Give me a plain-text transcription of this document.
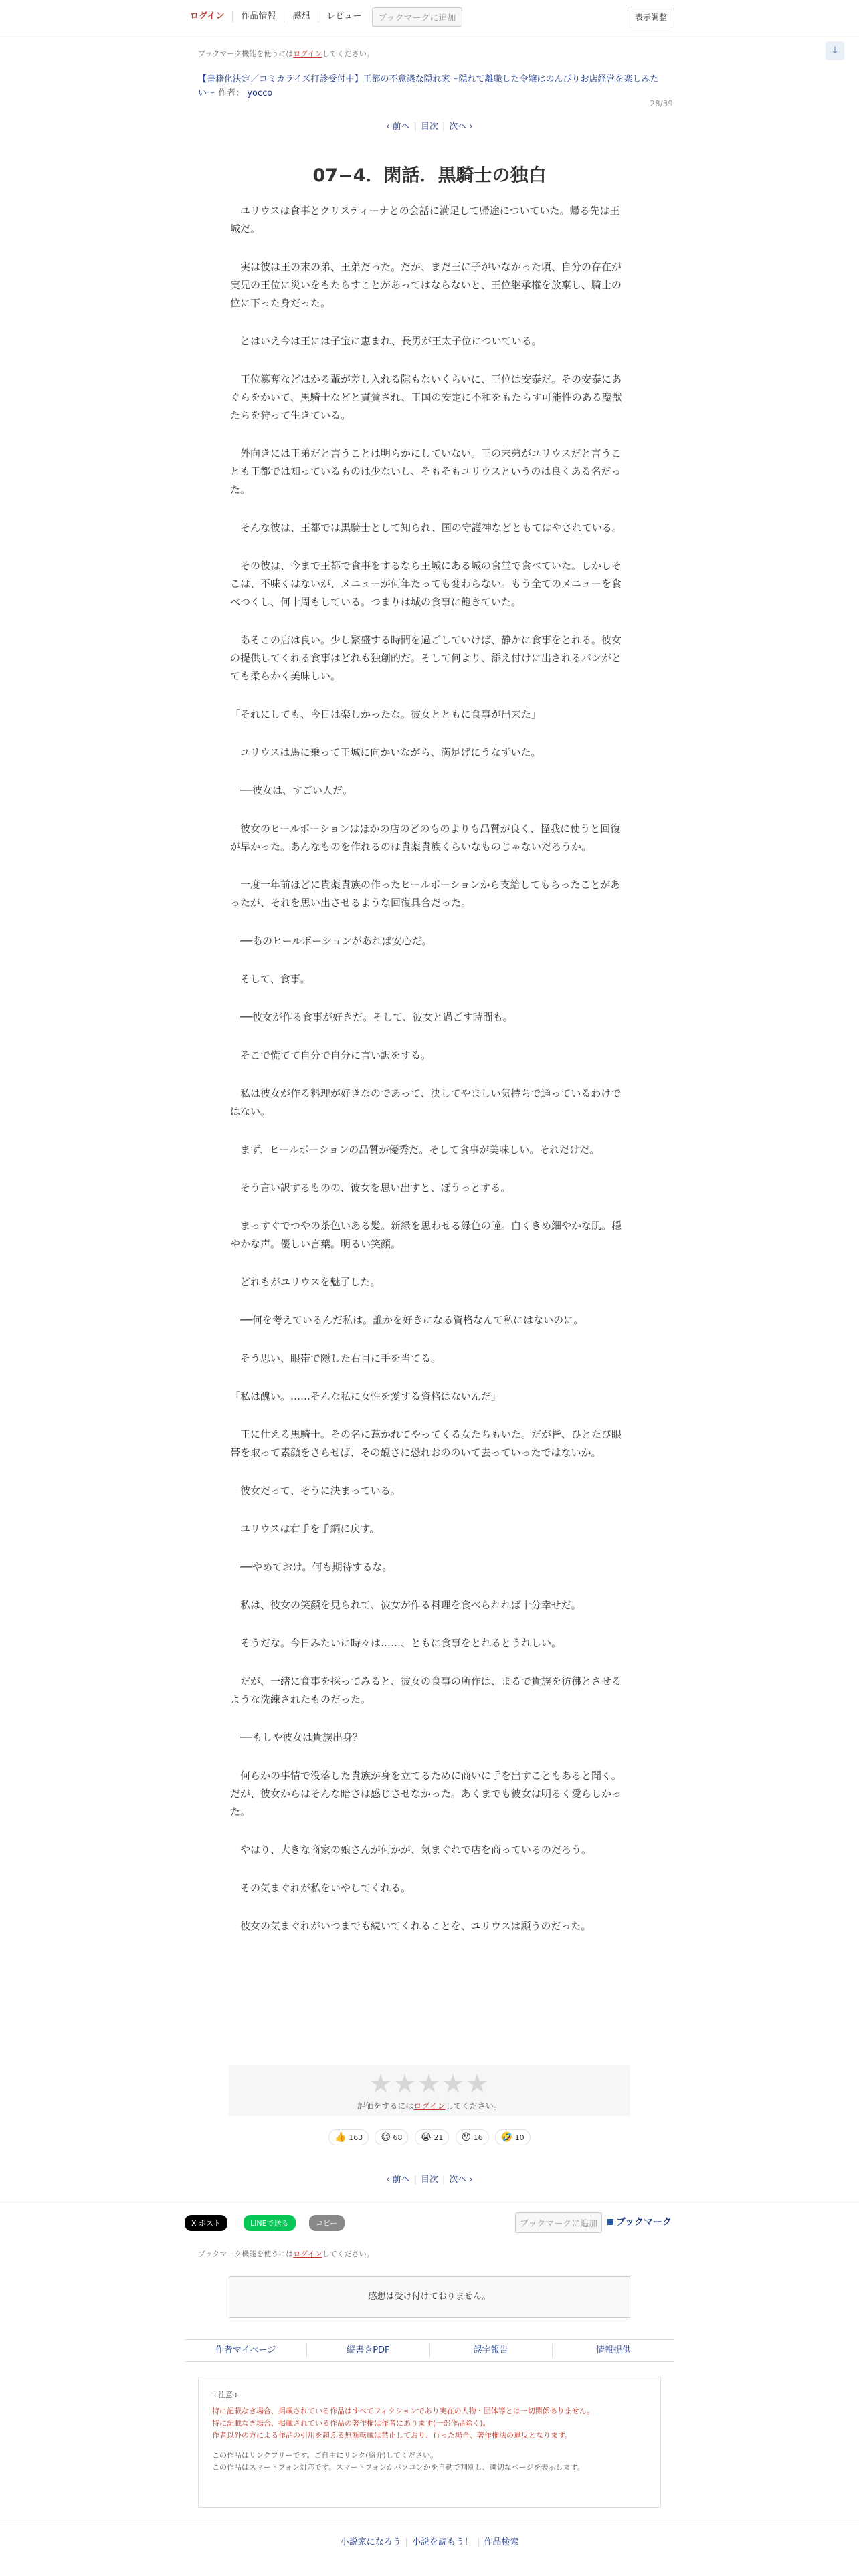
ログイン	作品情報	感想	レビュー	ブックマークに追加	表示調整
↓
ブックマーク機能を使うにはログインしてください。
【書籍化決定／コミカライズ打診受付中】王都の不意議な隠れ家〜隠れて離職した令嬢はのんびりお店経営を楽しみたい〜 作者： yocco
‹ 前へ | 目次 | 次へ ›
28/39
07−4．閑話．黒騎士の独白

ユリウスは食事とクリスティーナとの会話に満足して帰途についていた。帰る先は王城だ。

実は彼は王の末の弟、王弟だった。だが、まだ王に子がいなかった頃、自分の存在が実兄の王位に災いをもたらすことがあってはならないと、王位継承権を放棄し、騎士の位に下った身だった。

とはいえ今は王には子宝に恵まれ、長男が王太子位についている。

王位簒奪などはかる輩が差し入れる隙もないくらいに、王位は安泰だ。その安泰にあぐらをかいて、黒騎士などと貫賛され、王国の安定に不和をもたらす可能性のある魔獣たちを狩って生きている。

外向きには王弟だと言うことは明らかにしていない。王の末弟がユリウスだと言うことも王都では知っているものは少ないし、そもそもユリウスというのは良くある名だった。

そんな彼は、王都では黒騎士として知られ、国の守護神などともてはやされている。

その彼は、今まで王都で食事をするなら王城にある城の食堂で食べていた。しかしそこは、不味くはないが、メニューが何年たっても変わらない。もう全てのメニューを食べつくし、何十周もしている。つまりは城の食事に飽きていた。

あそこの店は良い。少し繁盛する時間を過ごしていけば、静かに食事をとれる。彼女の提供してくれる食事はどれも独創的だ。そして何より、添え付けに出されるパンがとても柔らかく美味しい。

「それにしても、今日は楽しかったな。彼女とともに食事が出来た」

ユリウスは馬に乗って王城に向かいながら、満足げにうなずいた。

──彼女は、すごい人だ。

彼女のヒールポーションはほかの店のどのものよりも品質が良く、怪我に使うと回復が早かった。あんなものを作れるのは貴薬貴族くらいなものじゃないだろうか。

一度一年前ほどに貴薬貴族の作ったヒールポーションから支給してもらったことがあったが、それを思い出させるような回復具合だった。

──あのヒールポーションがあれば安心だ。

そして、食事。

──彼女が作る食事が好きだ。そして、彼女と過ごす時間も。

そこで慌てて自分で自分に言い訳をする。

私は彼女が作る料理が好きなのであって、決してやましい気持ちで通っているわけではない。

まず、ヒールポーションの品質が優秀だ。そして食事が美味しい。それだけだ。

そう言い訳するものの、彼女を思い出すと、ぼうっとする。

まっすぐでつやの茶色いある髪。新緑を思わせる緑色の瞳。白くきめ細やかな肌。穏やかな声。優しい言葉。明るい笑顔。

どれもがユリウスを魅了した。

──何を考えているんだ私は。誰かを好きになる資格なんて私にはないのに。

そう思い、眼帯で隠した右目に手を当てる。

「私は醜い。……そんな私に女性を愛する資格はないんだ」

王に仕える黒騎士。その名に惹かれてやってくる女たちもいた。だが皆、ひとたび眼帯を取って素顔をさらせば、その醜さに恐れおののいて去っていったではないか。

彼女だって、そうに決まっている。

ユリウスは右手を手綱に戻す。

──やめておけ。何も期待するな。

私は、彼女の笑顔を見られて、彼女が作る料理を食べられれば十分幸せだ。

そうだな。今日みたいに時々は……、ともに食事をとれるとうれしい。

だが、一緒に食事を採ってみると、彼女の食事の所作は、まるで貴族を彷彿とさせるような洗練されたものだった。

──もしや彼女は貴族出身？

何らかの事情で没落した貴族が身を立てるために商いに手を出すこともあると聞く。だが、彼女からはそんな暗さは感じさせなかった。あくまでも彼女は明るく愛らしかった。

やはり、大きな商家の娘さんが何かが、気まぐれで店を商っているのだろう。

その気まぐれが私をいやしてくれる。

彼女の気まぐれがいつまでも続いてくれることを、ユリウスは願うのだった。

★★★★★
評価をするにはログインしてください。
👍 163 😊 68 😭 21 😯 16 🤣 10
‹ 前へ | 目次 | 次へ ›
X ポスト	LINEで送る	コピー	ブックマークに追加	ブックマーク
ブックマーク機能を使うにはログインしてください。
感想は受け付けておりません。
作者マイページ	縦書きPDF	誤字報告	情報提供
+注意+
特に記載なき場合、掲載されている作品はすべてフィクションであり実在の人物・団体等とは一切関係ありません。
特に記載なき場合、掲載されている作品の著作権は作者にあります(一部作品除く)。
作者以外の方による作品の引用を超える無断転載は禁止しており、行った場合、著作権法の違反となります。
この作品はリンクフリーです。ご自由にリンク(紹介)してください。
この作品はスマートフォン対応です。スマートフォンかパソコンかを自動で判別し、適切なページを表示します。
小説家になろう | 小説を読もう！ | 作品検索
